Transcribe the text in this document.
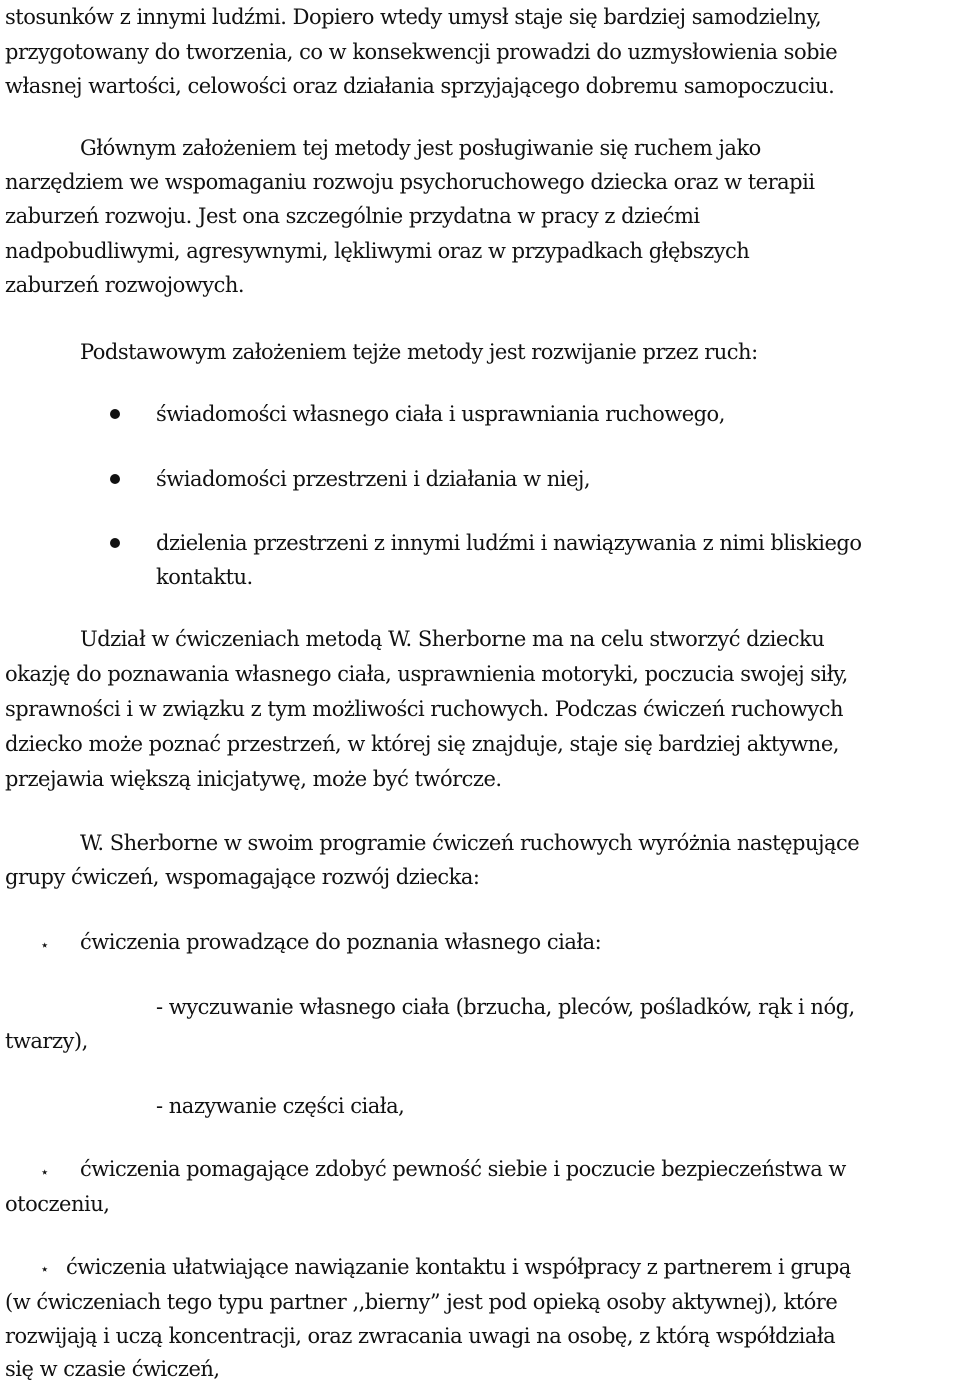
stosunków z innymi ludźmi. Dopiero wtedy umysł staje się bardziej samodzielny,
przygotowany do tworzenia, co w konsekwencji prowadzi do uzmysłowienia sobie
własnej wartości, celowości oraz działania sprzyjającego dobremu samopoczuciu.
Głównym założeniem tej metody jest posługiwanie się ruchem jako
narzędziem we wspomaganiu rozwoju psychoruchowego dziecka oraz w terapii
zaburzeń rozwoju. Jest ona szczególnie przydatna w pracy z dziećmi
nadpobudliwymi, agresywnymi, lękliwymi oraz w przypadkach głębszych
zaburzeń rozwojowych.
Podstawowym założeniem tejże metody jest rozwijanie przez ruch:
świadomości własnego ciała i usprawniania ruchowego,
świadomości przestrzeni i działania w niej,
dzielenia przestrzeni z innymi ludźmi i nawiązywania z nimi bliskiego
kontaktu.
Udział w ćwiczeniach metodą W. Sherborne ma na celu stworzyć dziecku
okazję do poznawania własnego ciała, usprawnienia motoryki, poczucia swojej siły,
sprawności i w związku z tym możliwości ruchowych. Podczas ćwiczeń ruchowych
dziecko może poznać przestrzeń, w której się znajduje, staje się bardziej aktywne,
przejawia większą inicjatywę, może być twórcze.
W. Sherborne w swoim programie ćwiczeń ruchowych wyróżnia następujące
grupy ćwiczeń, wspomagające rozwój dziecka:
⋆ ćwiczenia prowadzące do poznania własnego ciała:
- wyczuwanie własnego ciała (brzucha, pleców, pośladków, rąk i nóg,
twarzy),
- nazywanie części ciała,
⋆ ćwiczenia pomagające zdobyć pewność siebie i poczucie bezpieczeństwa w
otoczeniu,
⋆ ćwiczenia ułatwiające nawiązanie kontaktu i współpracy z partnerem i grupą
(w ćwiczeniach tego typu partner ,,bierny” jest pod opieką osoby aktywnej), które
rozwijają i uczą koncentracji, oraz zwracania uwagi na osobę, z którą współdziała
się w czasie ćwiczeń,
